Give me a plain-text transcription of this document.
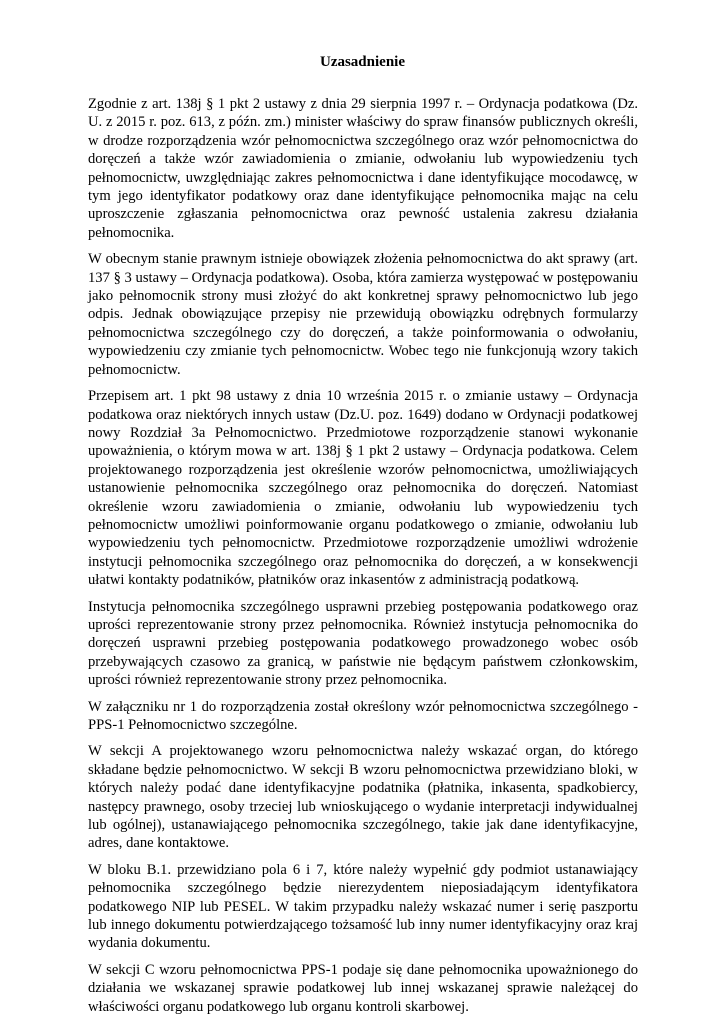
Uzasadnienie

Zgodnie z art. 138j § 1 pkt 2 ustawy z dnia 29 sierpnia 1997 r. – Ordynacja podatkowa (Dz. U. z 2015 r. poz. 613, z późn. zm.) minister właściwy do spraw finansów publicznych określi, w drodze rozporządzenia wzór pełnomocnictwa szczególnego oraz wzór pełnomocnictwa do doręczeń a także wzór zawiadomienia o zmianie, odwołaniu lub wypowiedzeniu tych pełnomocnictw, uwzględniając zakres pełnomocnictwa i dane identyfikujące mocodawcę, w tym jego identyfikator podatkowy oraz dane identyfikujące pełnomocnika mając na celu uproszczenie zgłaszania pełnomocnictwa oraz pewność ustalenia zakresu działania pełnomocnika.

W obecnym stanie prawnym istnieje obowiązek złożenia pełnomocnictwa do akt sprawy (art. 137 § 3 ustawy – Ordynacja podatkowa). Osoba, która zamierza występować w postępowaniu jako pełnomocnik strony musi złożyć do akt konkretnej sprawy pełnomocnictwo lub jego odpis. Jednak obowiązujące przepisy nie przewidują obowiązku odrębnych formularzy pełnomocnictwa szczególnego czy do doręczeń, a także poinformowania o odwołaniu, wypowiedzeniu czy zmianie tych pełnomocnictw. Wobec tego nie funkcjonują wzory takich pełnomocnictw.

Przepisem art. 1 pkt 98 ustawy z dnia 10 września 2015 r. o zmianie ustawy – Ordynacja podatkowa oraz niektórych innych ustaw (Dz.U. poz. 1649) dodano w Ordynacji podatkowej nowy Rozdział 3a Pełnomocnictwo. Przedmiotowe rozporządzenie stanowi wykonanie upoważnienia, o którym mowa w art. 138j § 1 pkt 2 ustawy – Ordynacja podatkowa. Celem projektowanego rozporządzenia jest określenie wzorów pełnomocnictwa, umożliwiających ustanowienie pełnomocnika szczególnego oraz pełnomocnika do doręczeń. Natomiast określenie wzoru zawiadomienia o zmianie, odwołaniu lub wypowiedzeniu tych pełnomocnictw umożliwi poinformowanie organu podatkowego o zmianie, odwołaniu lub wypowiedzeniu tych pełnomocnictw. Przedmiotowe rozporządzenie umożliwi wdrożenie instytucji pełnomocnika szczególnego oraz pełnomocnika do doręczeń, a w konsekwencji ułatwi kontakty podatników, płatników oraz inkasentów z administracją podatkową.

Instytucja pełnomocnika szczególnego usprawni przebieg postępowania podatkowego oraz uprości reprezentowanie strony przez pełnomocnika. Również instytucja pełnomocnika do doręczeń usprawni przebieg postępowania podatkowego prowadzonego wobec osób przebywających czasowo za granicą, w państwie nie będącym państwem członkowskim, uprości również reprezentowanie strony przez pełnomocnika.

W załączniku nr 1 do rozporządzenia został określony wzór pełnomocnictwa szczególnego - PPS-1 Pełnomocnictwo szczególne.

W sekcji A projektowanego wzoru pełnomocnictwa należy wskazać organ, do którego składane będzie pełnomocnictwo. W sekcji B wzoru pełnomocnictwa przewidziano bloki, w których należy podać dane identyfikacyjne podatnika (płatnika, inkasenta, spadkobiercy, następcy prawnego, osoby trzeciej lub wnioskującego o wydanie interpretacji indywidualnej lub ogólnej), ustanawiającego pełnomocnika szczególnego, takie jak dane identyfikacyjne, adres, dane kontaktowe.

W bloku B.1. przewidziano pola 6 i 7, które należy wypełnić gdy podmiot ustanawiający pełnomocnika szczególnego będzie nierezydentem nieposiadającym identyfikatora podatkowego NIP lub PESEL. W takim przypadku należy wskazać numer i serię paszportu lub innego dokumentu potwierdzającego tożsamość lub inny numer identyfikacyjny oraz kraj wydania dokumentu.

W sekcji C wzoru pełnomocnictwa PPS-1 podaje się dane pełnomocnika upoważnionego do działania we wskazanej sprawie podatkowej lub innej wskazanej sprawie należącej do właściwości organu podatkowego lub organu kontroli skarbowej.
